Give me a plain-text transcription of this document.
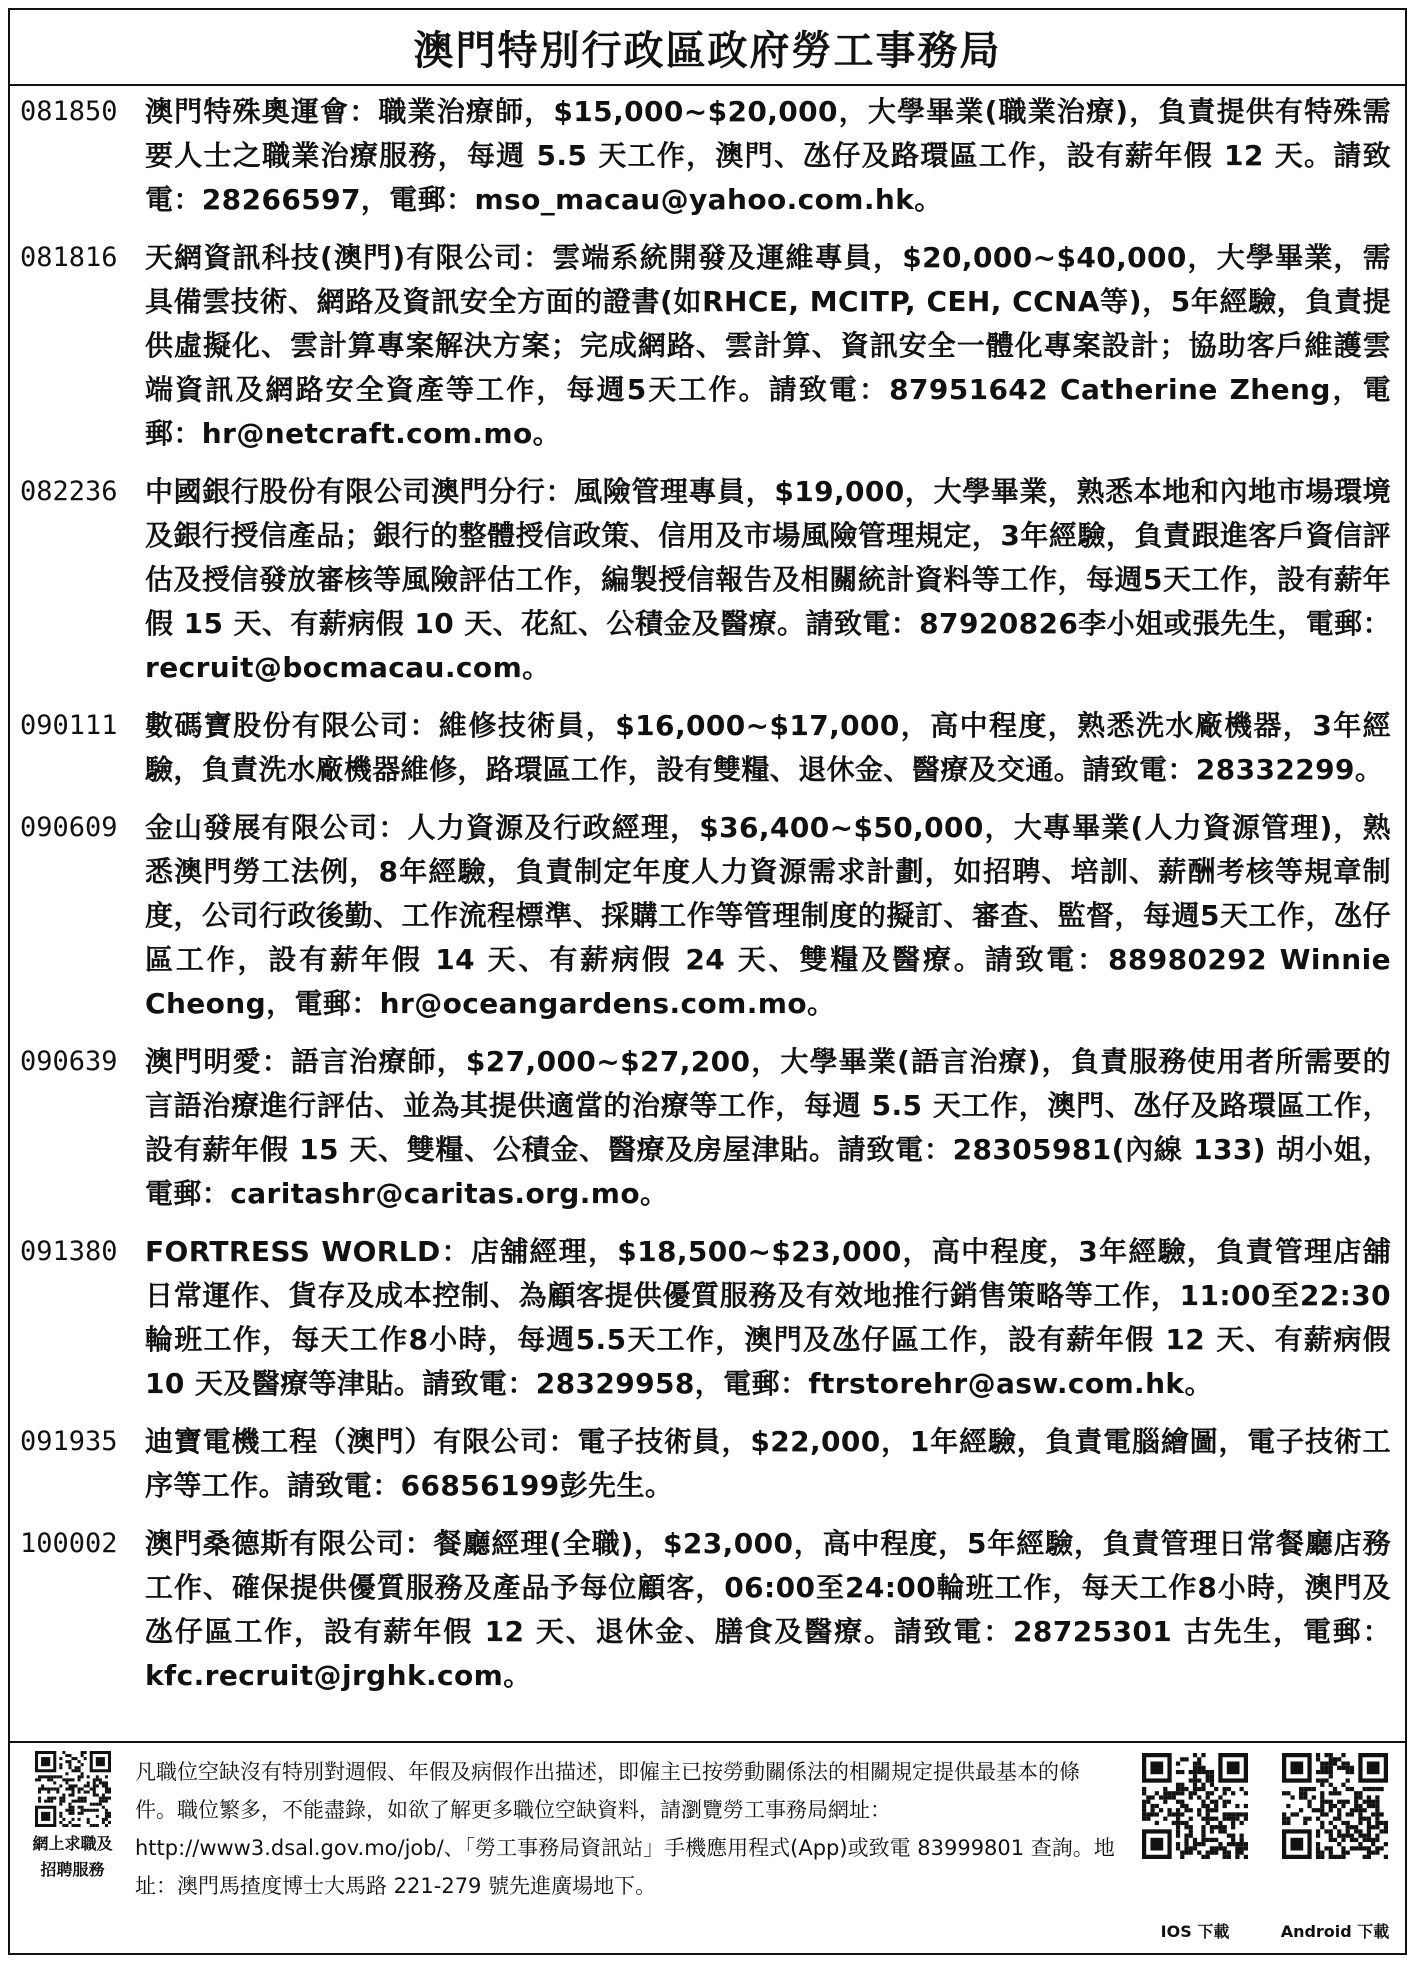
澳門特別行政區政府勞工事務局
081850 澳門特殊奧運會：職業治療師，$15,000~$20,000，大學畢業(職業治療)，負責提供有特殊需要人士之職業治療服務，每週 5.5 天工作，澳門、氹仔及路環區工作，設有薪年假 12 天。請致電：28266597，電郵：mso_macau@yahoo.com.hk。
081816 天網資訊科技(澳門)有限公司：雲端系統開發及運維專員，$20,000~$40,000，大學畢業，需具備雲技術、網路及資訊安全方面的證書(如RHCE, MCITP, CEH, CCNA等)，5年經驗，負責提供虛擬化、雲計算專案解決方案；完成網路、雲計算、資訊安全一體化專案設計；協助客戶維護雲端資訊及網路安全資產等工作，每週5天工作。請致電：87951642 Catherine Zheng，電郵：hr@netcraft.com.mo。
082236 中國銀行股份有限公司澳門分行：風險管理專員，$19,000，大學畢業，熟悉本地和內地市場環境及銀行授信產品；銀行的整體授信政策、信用及市場風險管理規定，3年經驗，負責跟進客戶資信評估及授信發放審核等風險評估工作，編製授信報告及相關統計資料等工作，每週5天工作，設有薪年假 15 天、有薪病假 10 天、花紅、公積金及醫療。請致電：87920826李小姐或張先生，電郵：recruit@bocmacau.com。
090111 數碼寶股份有限公司：維修技術員，$16,000~$17,000，高中程度，熟悉洗水廠機器，3年經驗，負責洗水廠機器維修，路環區工作，設有雙糧、退休金、醫療及交通。請致電：28332299。
090609 金山發展有限公司：人力資源及行政經理，$36,400~$50,000，大專畢業(人力資源管理)，熟悉澳門勞工法例，8年經驗，負責制定年度人力資源需求計劃，如招聘、培訓、薪酬考核等規章制度，公司行政後勤、工作流程標準、採購工作等管理制度的擬訂、審查、監督，每週5天工作，氹仔區工作，設有薪年假 14 天、有薪病假 24 天、雙糧及醫療。請致電：88980292 Winnie Cheong，電郵：hr@oceangardens.com.mo。
090639 澳門明愛：語言治療師，$27,000~$27,200，大學畢業(語言治療)，負責服務使用者所需要的言語治療進行評估、並為其提供適當的治療等工作，每週 5.5 天工作，澳門、氹仔及路環區工作，設有薪年假 15 天、雙糧、公積金、醫療及房屋津貼。請致電：28305981(內線 133) 胡小姐，電郵：caritashr@caritas.org.mo。
091380 FORTRESS WORLD：店舖經理，$18,500~$23,000，高中程度，3年經驗，負責管理店舖日常運作、貨存及成本控制、為顧客提供優質服務及有效地推行銷售策略等工作，11:00至22:30輪班工作，每天工作8小時，每週5.5天工作，澳門及氹仔區工作，設有薪年假 12 天、有薪病假 10 天及醫療等津貼。請致電：28329958，電郵：ftrstorehr@asw.com.hk。
091935 迪寶電機工程（澳門）有限公司：電子技術員，$22,000，1年經驗，負責電腦繪圖，電子技術工序等工作。請致電：66856199彭先生。
100002 澳門桑德斯有限公司：餐廳經理(全職)，$23,000，高中程度，5年經驗，負責管理日常餐廳店務工作、確保提供優質服務及產品予每位顧客，06:00至24:00輪班工作，每天工作8小時，澳門及氹仔區工作，設有薪年假 12 天、退休金、膳食及醫療。請致電：28725301 古先生，電郵：kfc.recruit@jrghk.com。
網上求職及
招聘服務
凡職位空缺沒有特別對週假、年假及病假作出描述，即僱主已按勞動關係法的相關規定提供最基本的條件。職位繁多，不能盡錄，如欲了解更多職位空缺資料，請瀏覽勞工事務局網址：http://www3.dsal.gov.mo/job/、「勞工事務局資訊站」手機應用程式(App)或致電 83999801 查詢。地址：澳門馬揸度博士大馬路 221-279 號先進廣場地下。
IOS 下載	Android 下載
